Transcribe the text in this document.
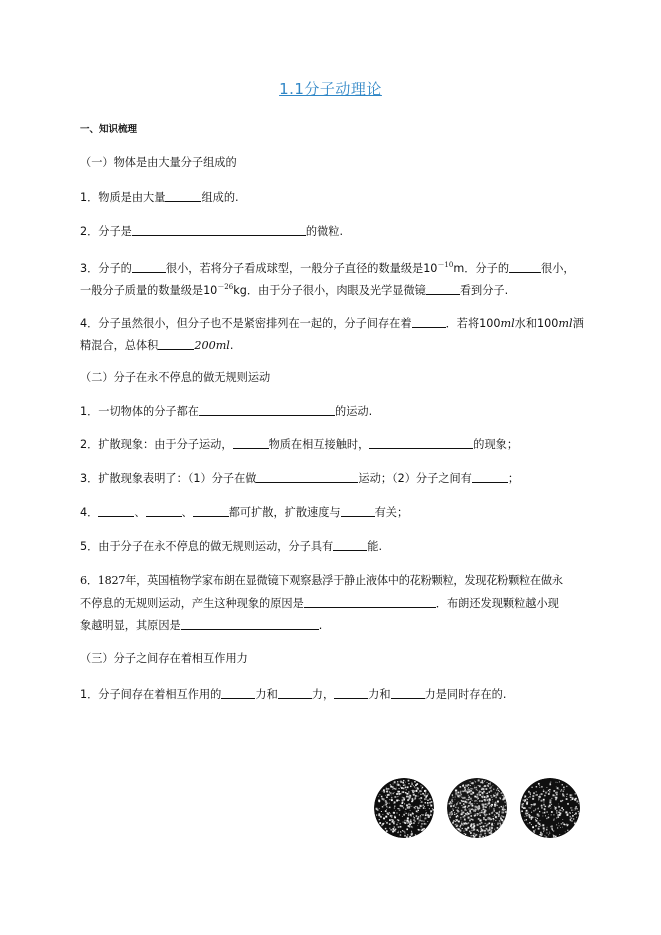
1.1分子动理论
一、知识梳理
（一）物体是由大量分子组成的
1．物质是由大量	组成的.
2．分子是	的微粒.
3．分子的	很小，若将分子看成球型，一般分子直径的数量级是$10^{-10}m$．分子的	很小，
一般分子质量的数量级是$10^{-26}kg$．由于分子很小，肉眼及光学显微镜	看到分子.
4．分子虽然很小，但分子也不是紧密排列在一起的，分子间存在着	．若将100ml水和100ml酒
精混合，总体积	200ml.
（二）分子在永不停息的做无规则运动
1．一切物体的分子都在	的运动.
2．扩散现象：由于分子运动，	物质在相互接触时，	的现象；
3．扩散现象表明了：（1）分子在做	运动；（2）分子之间有	；
4．	、	、	都可扩散，扩散速度与	有关；
5．由于分子在永不停息的做无规则运动，分子具有	能.
6．1827年，英国植物学家布朗在显微镜下观察悬浮于静止液体中的花粉颗粒，发现花粉颗粒在做永
不停息的无规则运动，产生这种现象的原因是	．布朗还发现颗粒越小现
象越明显，其原因是	.
（三）分子之间存在着相互作用力
1．分子间存在着相互作用的	力和	力，	力和	力是同时存在的.
